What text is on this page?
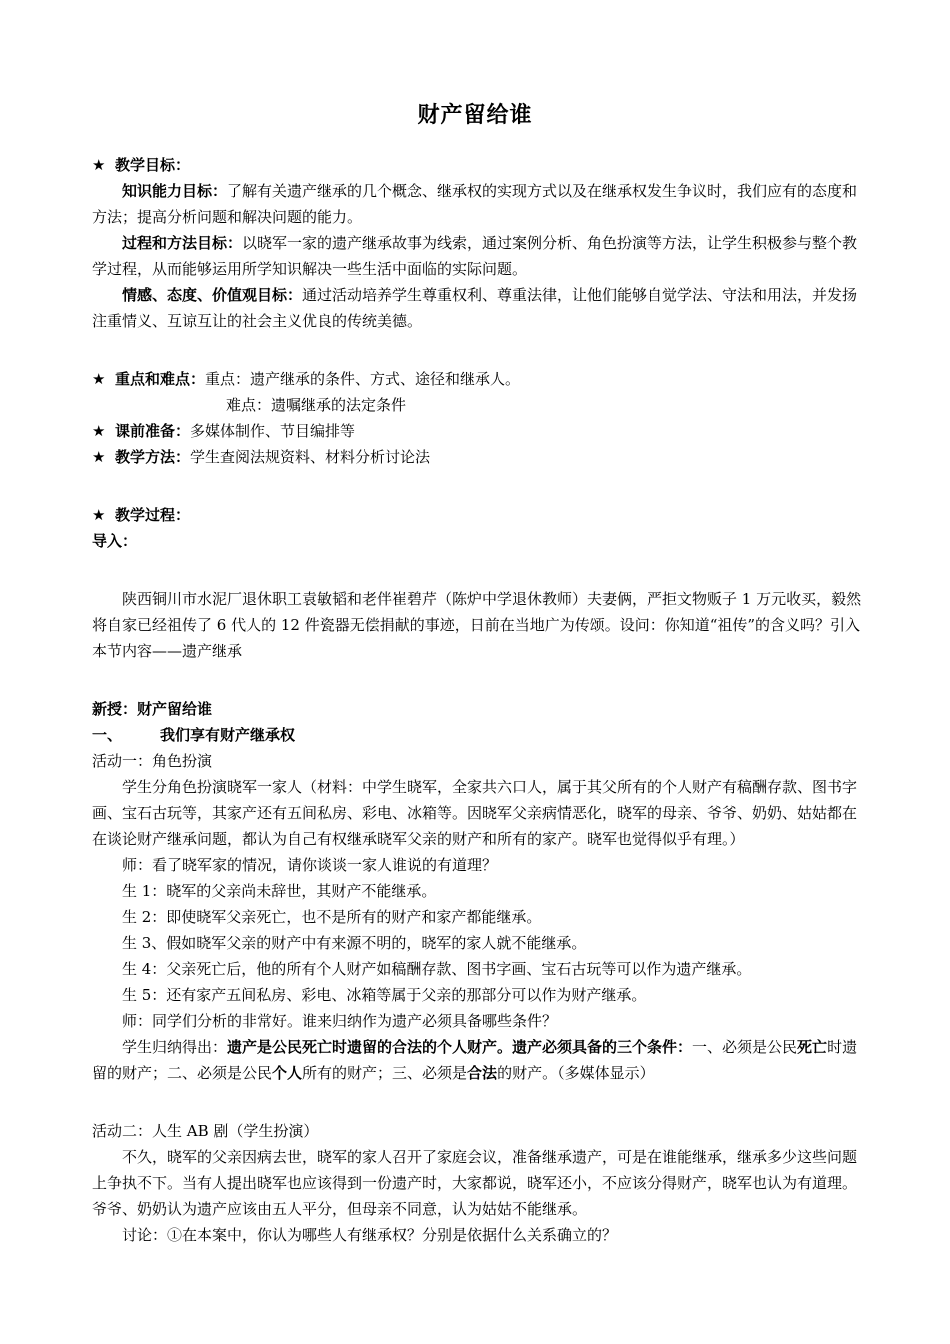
财产留给谁

★ 教学目标：

知识能力目标：了解有关遗产继承的几个概念、继承权的实现方式以及在继承权发生争议时，我们应有的态度和方法；提高分析问题和解决问题的能力。

过程和方法目标：以晓军一家的遗产继承故事为线索，通过案例分析、角色扮演等方法，让学生积极参与整个教学过程，从而能够运用所学知识解决一些生活中面临的实际问题。

情感、态度、价值观目标：通过活动培养学生尊重权利、尊重法律，让他们能够自觉学法、守法和用法，并发扬注重情义、互谅互让的社会主义优良的传统美德。

★ 重点和难点：重点：遗产继承的条件、方式、途径和继承人。

难点：遗嘱继承的法定条件

★ 课前准备：多媒体制作、节目编排等

★ 教学方法：学生查阅法规资料、材料分析讨论法

★ 教学过程：

导入：

陕西铜川市水泥厂退休职工袁敏韬和老伴崔碧芹（陈炉中学退休教师）夫妻俩，严拒文物贩子 1 万元收买，毅然将自家已经祖传了 6 代人的 12 件瓷器无偿捐献的事迹，日前在当地广为传颂。设问：你知道“祖传”的含义吗？引入本节内容——遗产继承

新授：财产留给谁

一、	我们享有财产继承权

活动一：角色扮演

学生分角色扮演晓军一家人（材料：中学生晓军，全家共六口人，属于其父所有的个人财产有稿酬存款、图书字画、宝石古玩等，其家产还有五间私房、彩电、冰箱等。因晓军父亲病情恶化，晓军的母亲、爷爷、奶奶、姑姑都在在谈论财产继承问题，都认为自己有权继承晓军父亲的财产和所有的家产。晓军也觉得似乎有理。）

师：看了晓军家的情况，请你谈谈一家人谁说的有道理？

生 1：晓军的父亲尚未辞世，其财产不能继承。

生 2：即使晓军父亲死亡，也不是所有的财产和家产都能继承。

生 3、假如晓军父亲的财产中有来源不明的，晓军的家人就不能继承。

生 4：父亲死亡后，他的所有个人财产如稿酬存款、图书字画、宝石古玩等可以作为遗产继承。

生 5：还有家产五间私房、彩电、冰箱等属于父亲的那部分可以作为财产继承。

师：同学们分析的非常好。谁来归纳作为遗产必须具备哪些条件？

学生归纳得出：遗产是公民死亡时遗留的合法的个人财产。遗产必须具备的三个条件：一、必须是公民死亡时遗留的财产；二、必须是公民个人所有的财产；三、必须是合法的财产。（多媒体显示）

活动二：人生 AB 剧（学生扮演）

不久，晓军的父亲因病去世，晓军的家人召开了家庭会议，准备继承遗产，可是在谁能继承，继承多少这些问题上争执不下。当有人提出晓军也应该得到一份遗产时，大家都说，晓军还小，不应该分得财产，晓军也认为有道理。爷爷、奶奶认为遗产应该由五人平分，但母亲不同意，认为姑姑不能继承。

讨论：①在本案中，你认为哪些人有继承权？分别是依据什么关系确立的？
